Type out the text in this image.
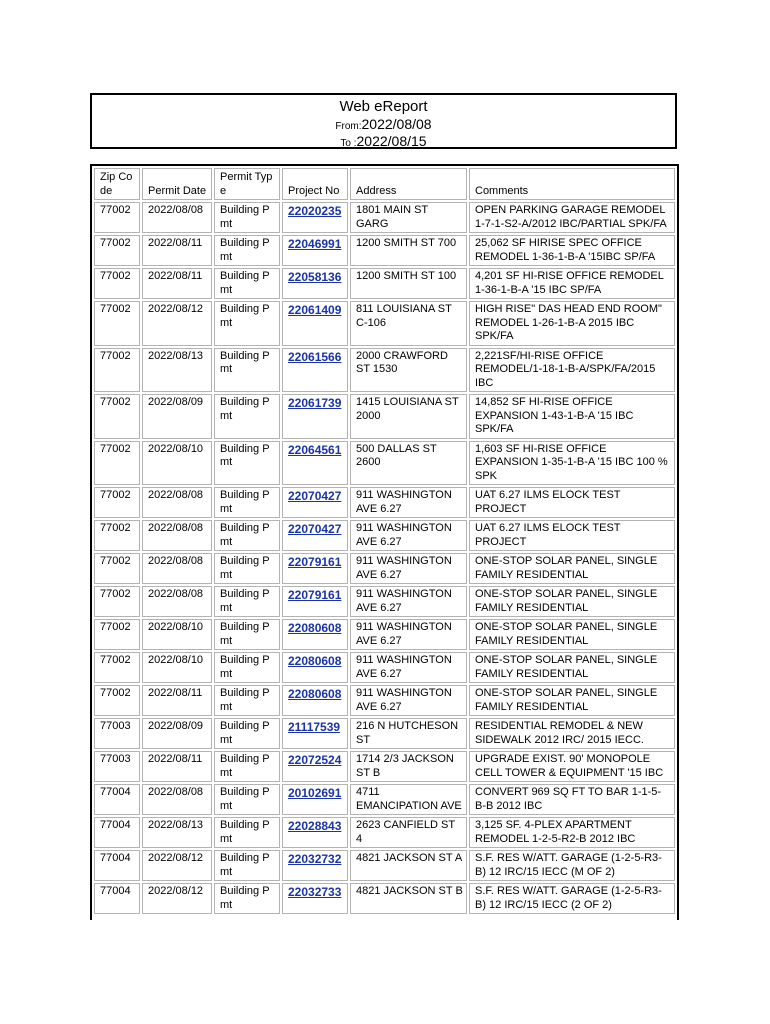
Web eReport
From:2022/08/08
To :2022/08/15
Zip Code	Permit Date	Permit Type	Project No	Address	Comments
77002	2022/08/08	Building Pmt	22020235	1801 MAIN ST GARG	OPEN PARKING GARAGE REMODEL 1-7-1-S2-A/2012 IBC/PARTIAL SPK/FA
77002	2022/08/11	Building Pmt	22046991	1200 SMITH ST 700	25,062 SF HIRISE SPEC OFFICE REMODEL 1-36-1-B-A '15IBC SP/FA
77002	2022/08/11	Building Pmt	22058136	1200 SMITH ST 100	4,201 SF HI-RISE OFFICE REMODEL 1-36-1-B-A '15 IBC SP/FA
77002	2022/08/12	Building Pmt	22061409	811 LOUISIANA ST C-106	HIGH RISE" DAS HEAD END ROOM" REMODEL 1-26-1-B-A 2015 IBC SPK/FA
77002	2022/08/13	Building Pmt	22061566	2000 CRAWFORD ST 1530	2,221SF/HI-RISE OFFICE REMODEL/1-18-1-B-A/SPK/FA/2015 IBC
77002	2022/08/09	Building Pmt	22061739	1415 LOUISIANA ST 2000	14,852 SF HI-RISE OFFICE EXPANSION 1-43-1-B-A '15 IBC SPK/FA
77002	2022/08/10	Building Pmt	22064561	500 DALLAS ST 2600	1,603 SF HI-RISE OFFICE EXPANSION 1-35-1-B-A '15 IBC 100 % SPK
77002	2022/08/08	Building Pmt	22070427	911 WASHINGTON AVE 6.27	UAT 6.27 ILMS ELOCK TEST PROJECT
77002	2022/08/08	Building Pmt	22070427	911 WASHINGTON AVE 6.27	UAT 6.27 ILMS ELOCK TEST PROJECT
77002	2022/08/08	Building Pmt	22079161	911 WASHINGTON AVE 6.27	ONE-STOP SOLAR PANEL, SINGLE FAMILY RESIDENTIAL
77002	2022/08/08	Building Pmt	22079161	911 WASHINGTON AVE 6.27	ONE-STOP SOLAR PANEL, SINGLE FAMILY RESIDENTIAL
77002	2022/08/10	Building Pmt	22080608	911 WASHINGTON AVE 6.27	ONE-STOP SOLAR PANEL, SINGLE FAMILY RESIDENTIAL
77002	2022/08/10	Building Pmt	22080608	911 WASHINGTON AVE 6.27	ONE-STOP SOLAR PANEL, SINGLE FAMILY RESIDENTIAL
77002	2022/08/11	Building Pmt	22080608	911 WASHINGTON AVE 6.27	ONE-STOP SOLAR PANEL, SINGLE FAMILY RESIDENTIAL
77003	2022/08/09	Building Pmt	21117539	216 N HUTCHESON ST	RESIDENTIAL REMODEL & NEW SIDEWALK 2012 IRC/ 2015 IECC.
77003	2022/08/11	Building Pmt	22072524	1714 2/3 JACKSON ST B	UPGRADE EXIST. 90' MONOPOLE CELL TOWER & EQUIPMENT '15 IBC
77004	2022/08/08	Building Pmt	20102691	4711 EMANCIPATION AVE	CONVERT 969 SQ FT TO BAR 1-1-5-B-B 2012 IBC
77004	2022/08/13	Building Pmt	22028843	2623 CANFIELD ST 4	3,125 SF. 4-PLEX APARTMENT REMODEL 1-2-5-R2-B 2012 IBC
77004	2022/08/12	Building Pmt	22032732	4821 JACKSON ST A	S.F. RES W/ATT. GARAGE (1-2-5-R3-B) 12 IRC/15 IECC (M OF 2)
77004	2022/08/12	Building Pmt	22032733	4821 JACKSON ST B	S.F. RES W/ATT. GARAGE (1-2-5-R3-B) 12 IRC/15 IECC (2 OF 2)
